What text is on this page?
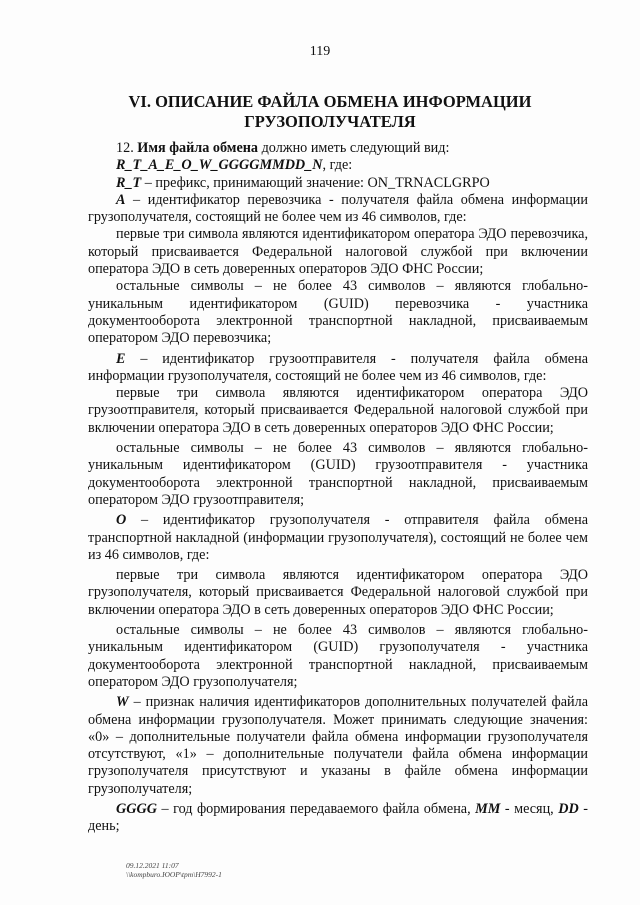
119
VI. ОПИСАНИЕ ФАЙЛА ОБМЕНА ИНФОРМАЦИИ
ГРУЗОПОЛУЧАТЕЛЯ

12. Имя файла обмена должно иметь следующий вид:

R_T_A_E_O_W_GGGGMMDD_N, где:

R_T – префикс, принимающий значение: ON_TRNACLGRPO

A – идентификатор перевозчика - получателя файла обмена информации грузополучателя, состоящий не более чем из 46 символов, где:

первые три символа являются идентификатором оператора ЭДО перевозчика, который присваивается Федеральной налоговой службой при включении оператора ЭДО в сеть доверенных операторов ЭДО ФНС России;

остальные символы – не более 43 символов – являются глобально-уникальным идентификатором (GUID) перевозчика - участника документооборота электронной транспортной накладной, присваиваемым оператором ЭДО перевозчика;

E – идентификатор грузоотправителя - получателя файла обмена информации грузополучателя, состоящий не более чем из 46 символов, где:

первые три символа являются идентификатором оператора ЭДО грузоотправителя, который присваивается Федеральной налоговой службой при включении оператора ЭДО в сеть доверенных операторов ЭДО ФНС России;

остальные символы – не более 43 символов – являются глобально-уникальным идентификатором (GUID) грузоотправителя - участника документооборота электронной транспортной накладной, присваиваемым оператором ЭДО грузоотправителя;

O – идентификатор грузополучателя - отправителя файла обмена транспортной накладной (информации грузополучателя), состоящий не более чем из 46 символов, где:

первые три символа являются идентификатором оператора ЭДО грузополучателя, который присваивается Федеральной налоговой службой при включении оператора ЭДО в сеть доверенных операторов ЭДО ФНС России;

остальные символы – не более 43 символов – являются глобально-уникальным идентификатором (GUID) грузополучателя - участника документооборота электронной транспортной накладной, присваиваемым оператором ЭДО грузополучателя;

W – признак наличия идентификаторов дополнительных получателей файла обмена информации грузополучателя. Может принимать следующие значения: «0» – дополнительные получатели файла обмена информации грузополучателя отсутствуют, «1» – дополнительные получатели файла обмена информации грузополучателя присутствуют и указаны в файле обмена информации грузополучателя;

GGGG – год формирования передаваемого файла обмена, MM - месяц, DD - день;

09.12.2021 11:07
\\kompburo.ЮОР\tpm\Н7992-1
